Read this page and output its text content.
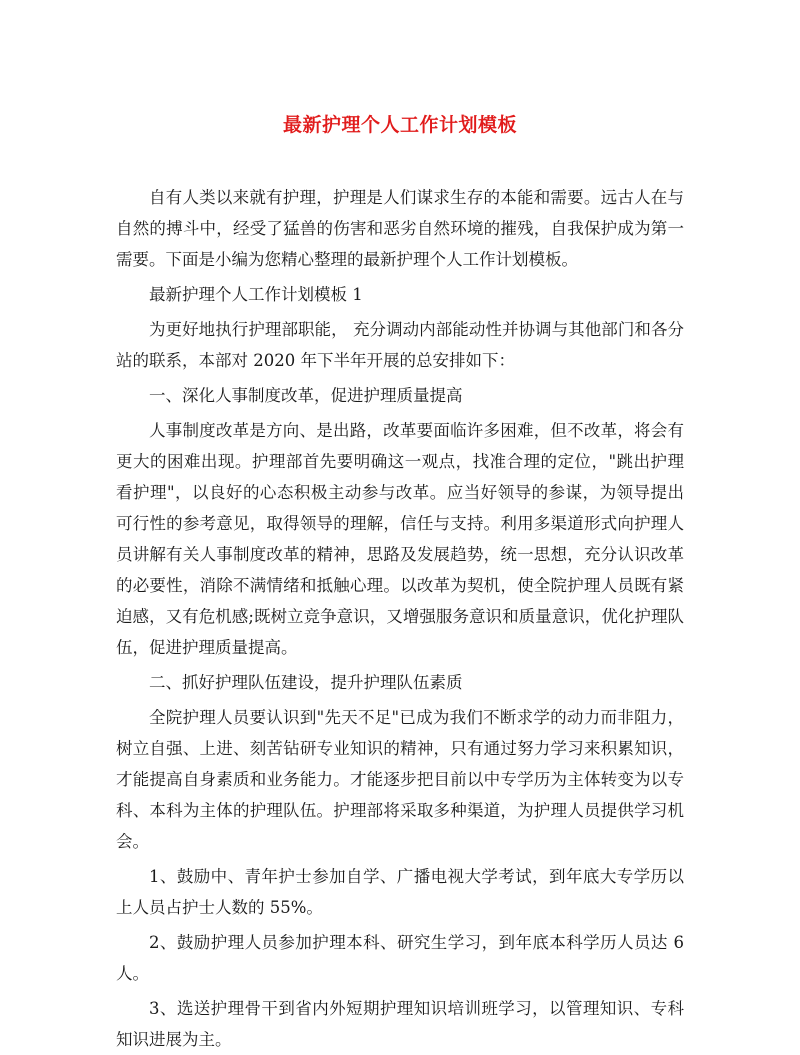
最新护理个人工作计划模板

自有人类以来就有护理，护理是人们谋求生存的本能和需要。远古人在与自然的搏斗中，经受了猛兽的伤害和恶劣自然环境的摧残，自我保护成为第一需要。下面是小编为您精心整理的最新护理个人工作计划模板。

最新护理个人工作计划模板 1

为更好地执行护理部职能， 充分调动内部能动性并协调与其他部门和各分站的联系，本部对 2020 年下半年开展的总安排如下：

一、深化人事制度改革，促进护理质量提高

人事制度改革是方向、是出路，改革要面临许多困难，但不改革，将会有更大的困难出现。护理部首先要明确这一观点，找准合理的定位，"跳出护理看护理"，以良好的心态积极主动参与改革。应当好领导的参谋，为领导提出可行性的参考意见，取得领导的理解，信任与支持。利用多渠道形式向护理人员讲解有关人事制度改革的精神，思路及发展趋势，统一思想，充分认识改革的必要性，消除不满情绪和抵触心理。以改革为契机，使全院护理人员既有紧迫感，又有危机感;既树立竞争意识，又增强服务意识和质量意识，优化护理队伍，促进护理质量提高。

二、抓好护理队伍建设，提升护理队伍素质

全院护理人员要认识到"先天不足"已成为我们不断求学的动力而非阻力，树立自强、上进、刻苦钻研专业知识的精神，只有通过努力学习来积累知识，才能提高自身素质和业务能力。才能逐步把目前以中专学历为主体转变为以专科、本科为主体的护理队伍。护理部将采取多种渠道，为护理人员提供学习机会。

1、鼓励中、青年护士参加自学、广播电视大学考试，到年底大专学历以上人员占护士人数的 55%。

2、鼓励护理人员参加护理本科、研究生学习，到年底本科学历人员达 6 人。

3、选送护理骨干到省内外短期护理知识培训班学习，以管理知识、专科知识进展为主。
